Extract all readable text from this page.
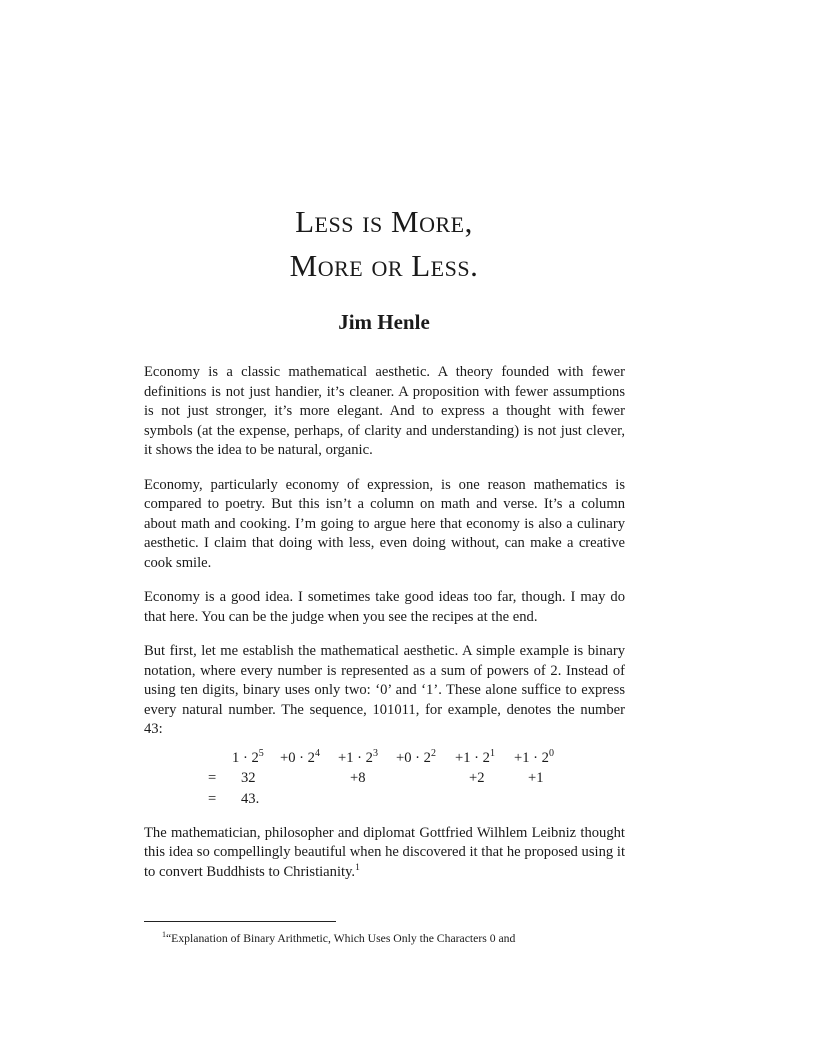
Less is More,
More or Less.
Jim Henle

Economy is a classic mathematical aesthetic. A theory founded with fewer definitions is not just handier, it’s cleaner. A proposition with fewer assumptions is not just stronger, it’s more elegant. And to express a thought with fewer symbols (at the expense, perhaps, of clarity and understanding) is not just clever, it shows the idea to be natural, organic.

Economy, particularly economy of expression, is one reason mathematics is compared to poetry. But this isn’t a column on math and verse. It’s a column about math and cooking. I’m going to argue here that economy is also a culinary aesthetic. I claim that doing with less, even doing without, can make a creative cook smile.

Economy is a good idea. I sometimes take good ideas too far, though. I may do that here. You can be the judge when you see the recipes at the end.

But first, let me establish the mathematical aesthetic. A simple example is binary notation, where every number is represented as a sum of powers of 2. Instead of using ten digits, binary uses only two: ‘0’ and ‘1’. These alone suffice to express every natural number. The sequence, 101011, for example, denotes the number 43:

$1 \cdot 2^5 +0 \cdot 2^4 +1 \cdot 2^3 +0 \cdot 2^2 +1 \cdot 2^1 +1 \cdot 2^0$
= 32	+8	+2	+1
= 43.

The mathematician, philosopher and diplomat Gottfried Wilhlem Leibniz thought this idea so compellingly beautiful when he discovered it that he proposed using it to convert Buddhists to Christianity.$^1$

$^1$“Explanation of Binary Arithmetic, Which Uses Only the Characters 0 and
